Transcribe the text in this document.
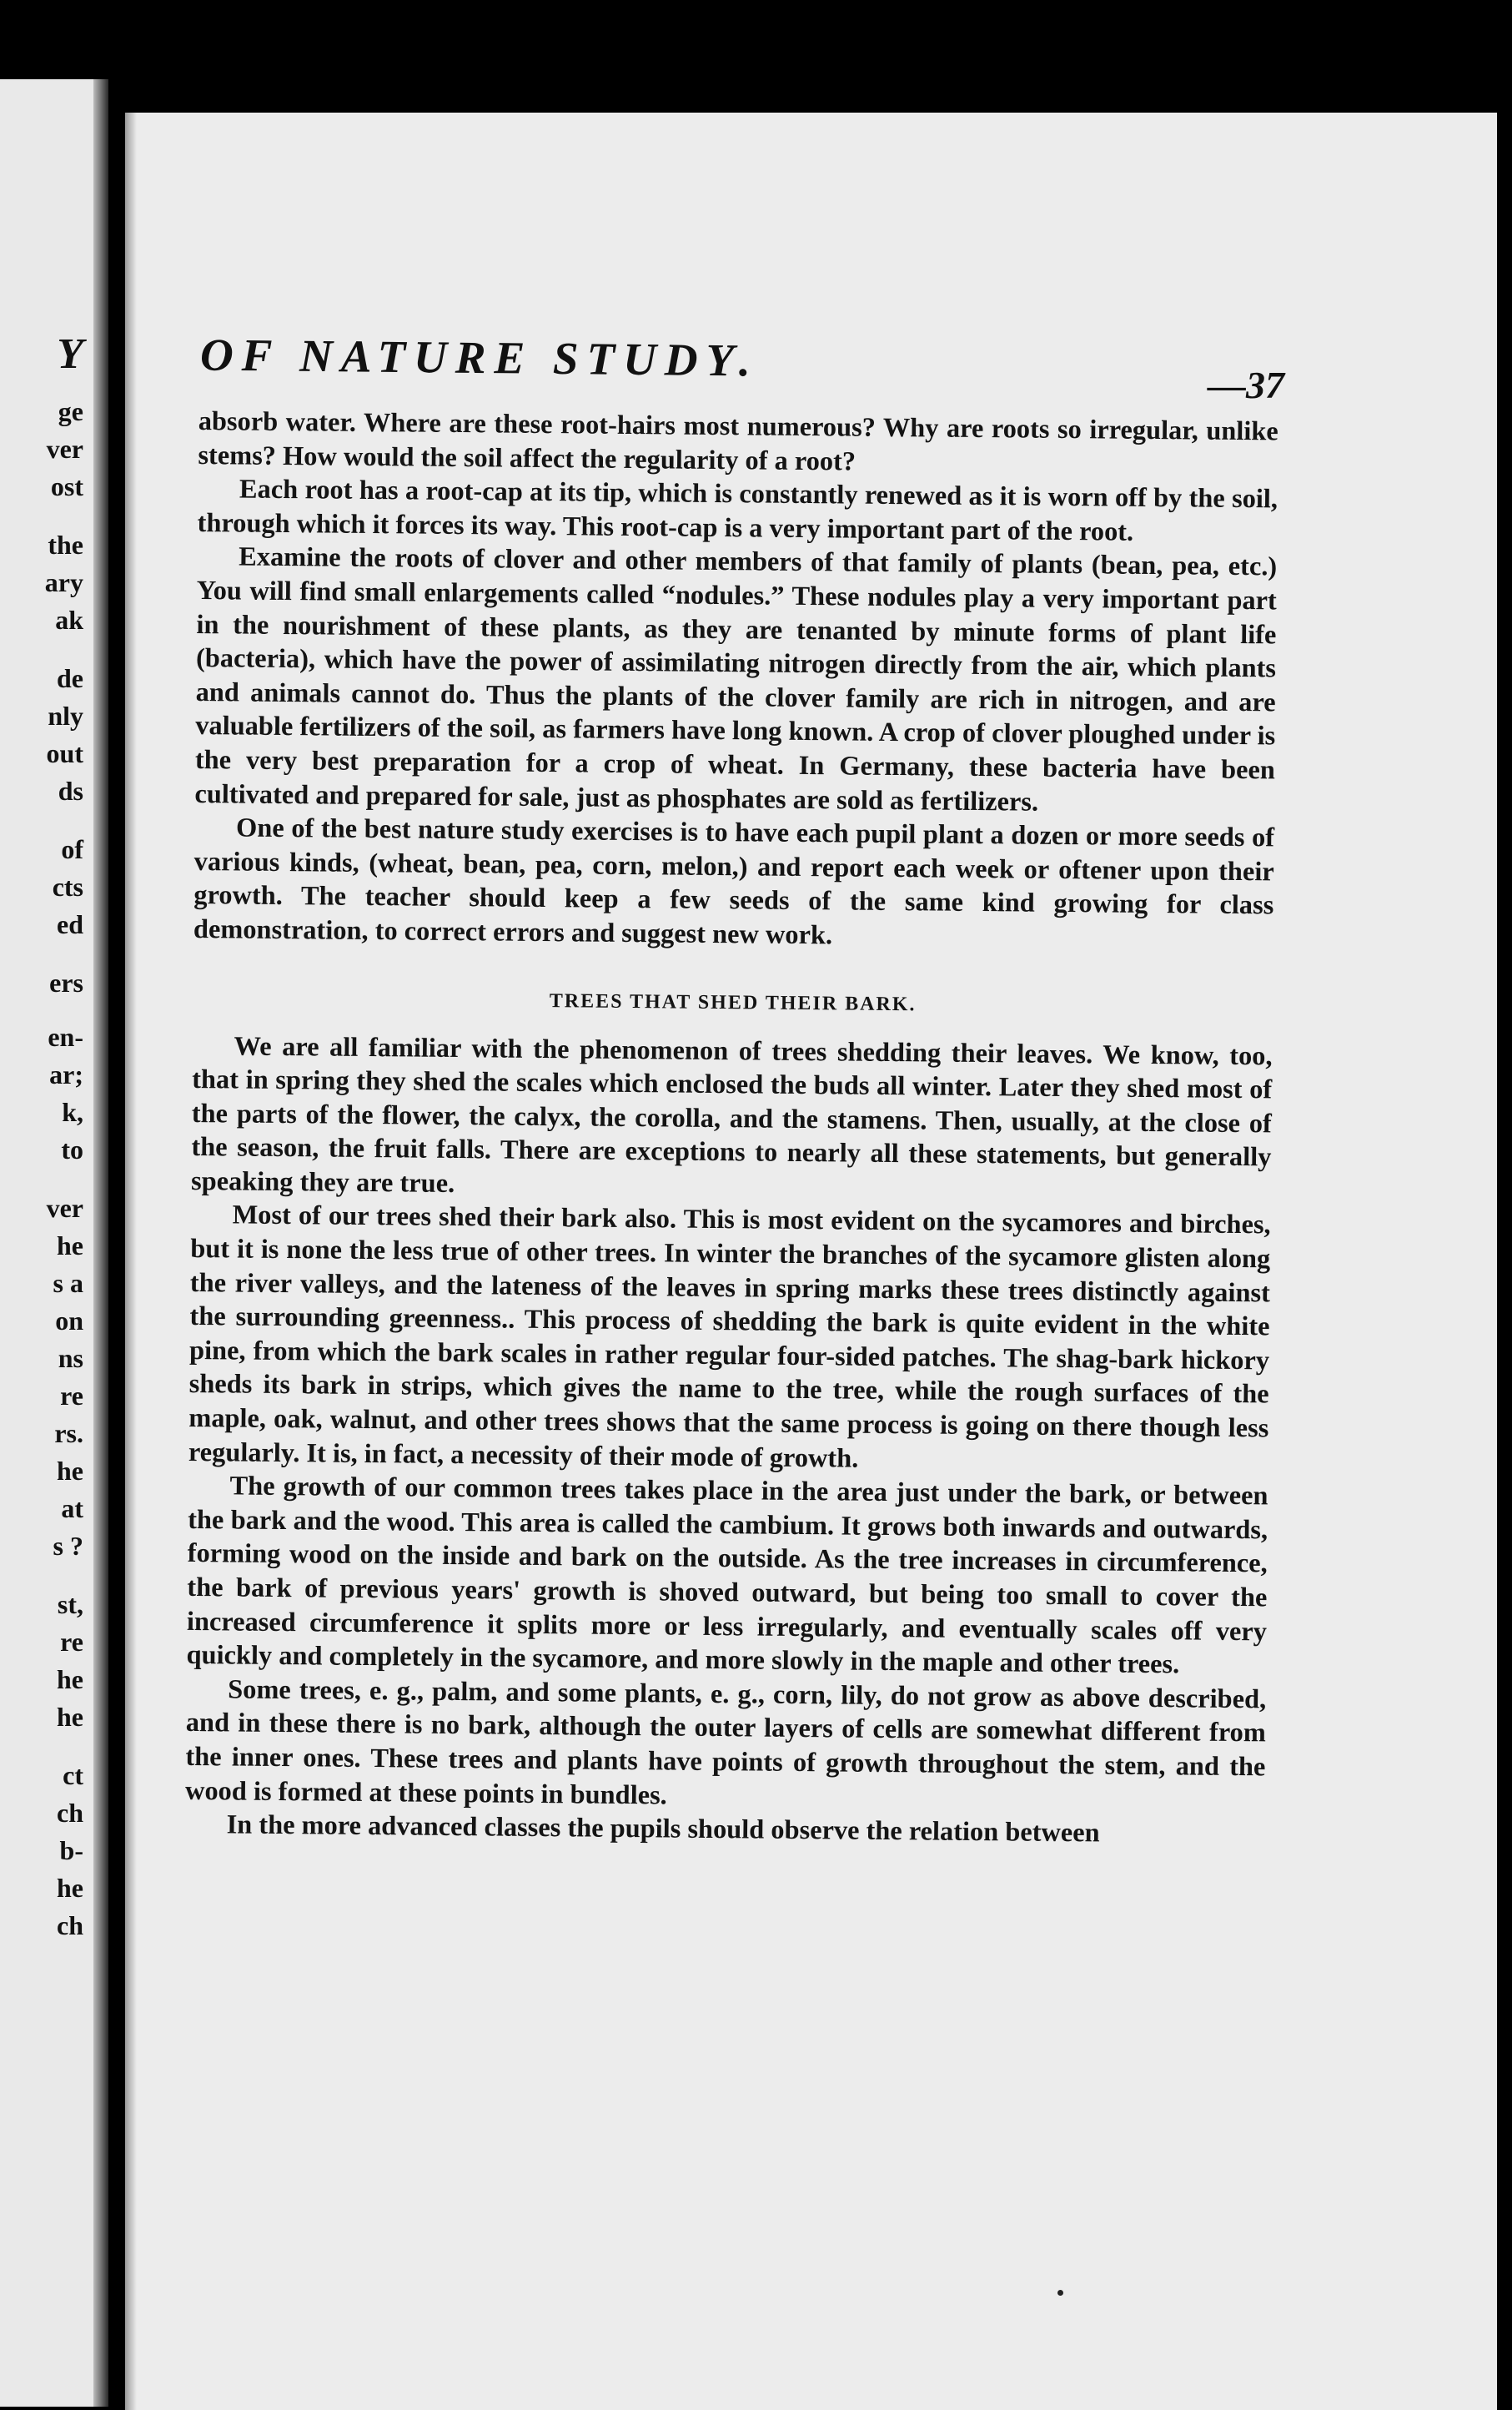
Y
ge
ver
ost
the
ary
ak
de
nly
out
ds
of
cts
ed
ers
en-
ar;
k,
to
ver
he
s a
on
ns
re
rs.
he
at
s ?
st,
re
he
he
ct
ch
b-
he
ch
OF NATURE STUDY.	—37

absorb water. Where are these root-hairs most numerous? Why are roots so irregular, unlike stems? How would the soil affect the regularity of a root?

Each root has a root-cap at its tip, which is constantly renewed as it is worn off by the soil, through which it forces its way. This root-cap is a very important part of the root.

Examine the roots of clover and other members of that family of plants (bean, pea, etc.) You will find small enlargements called “nodules.” These nodules play a very important part in the nourishment of these plants, as they are tenanted by minute forms of plant life (bacteria), which have the power of assimilating nitrogen directly from the air, which plants and animals cannot do. Thus the plants of the clover family are rich in nitrogen, and are valuable fertilizers of the soil, as farmers have long known. A crop of clover ploughed under is the very best preparation for a crop of wheat. In Germany, these bacteria have been cultivated and prepared for sale, just as phosphates are sold as fertilizers.

One of the best nature study exercises is to have each pupil plant a dozen or more seeds of various kinds, (wheat, bean, pea, corn, melon,) and report each week or oftener upon their growth. The teacher should keep a few seeds of the same kind growing for class demonstration, to correct errors and suggest new work.

TREES THAT SHED THEIR BARK.

We are all familiar with the phenomenon of trees shedding their leaves. We know, too, that in spring they shed the scales which enclosed the buds all winter. Later they shed most of the parts of the flower, the calyx, the corolla, and the stamens. Then, usually, at the close of the season, the fruit falls. There are exceptions to nearly all these statements, but generally speaking they are true.

Most of our trees shed their bark also. This is most evident on the sycamores and birches, but it is none the less true of other trees. In winter the branches of the sycamore glisten along the river valleys, and the lateness of the leaves in spring marks these trees distinctly against the surrounding greenness.. This process of shedding the bark is quite evident in the white pine, from which the bark scales in rather regular four-sided patches. The shag-bark hickory sheds its bark in strips, which gives the name to the tree, while the rough surfaces of the maple, oak, walnut, and other trees shows that the same process is going on there though less regularly. It is, in fact, a necessity of their mode of growth.

The growth of our common trees takes place in the area just under the bark, or between the bark and the wood. This area is called the cambium. It grows both inwards and outwards, forming wood on the inside and bark on the outside. As the tree increases in circumference, the bark of previous years' growth is shoved outward, but being too small to cover the increased circumference it splits more or less irregularly, and eventually scales off very quickly and completely in the sycamore, and more slowly in the maple and other trees.

Some trees, e. g., palm, and some plants, e. g., corn, lily, do not grow as above described, and in these there is no bark, although the outer layers of cells are somewhat different from the inner ones. These trees and plants have points of growth throughout the stem, and the wood is formed at these points in bundles.

In the more advanced classes the pupils should observe the relation between
